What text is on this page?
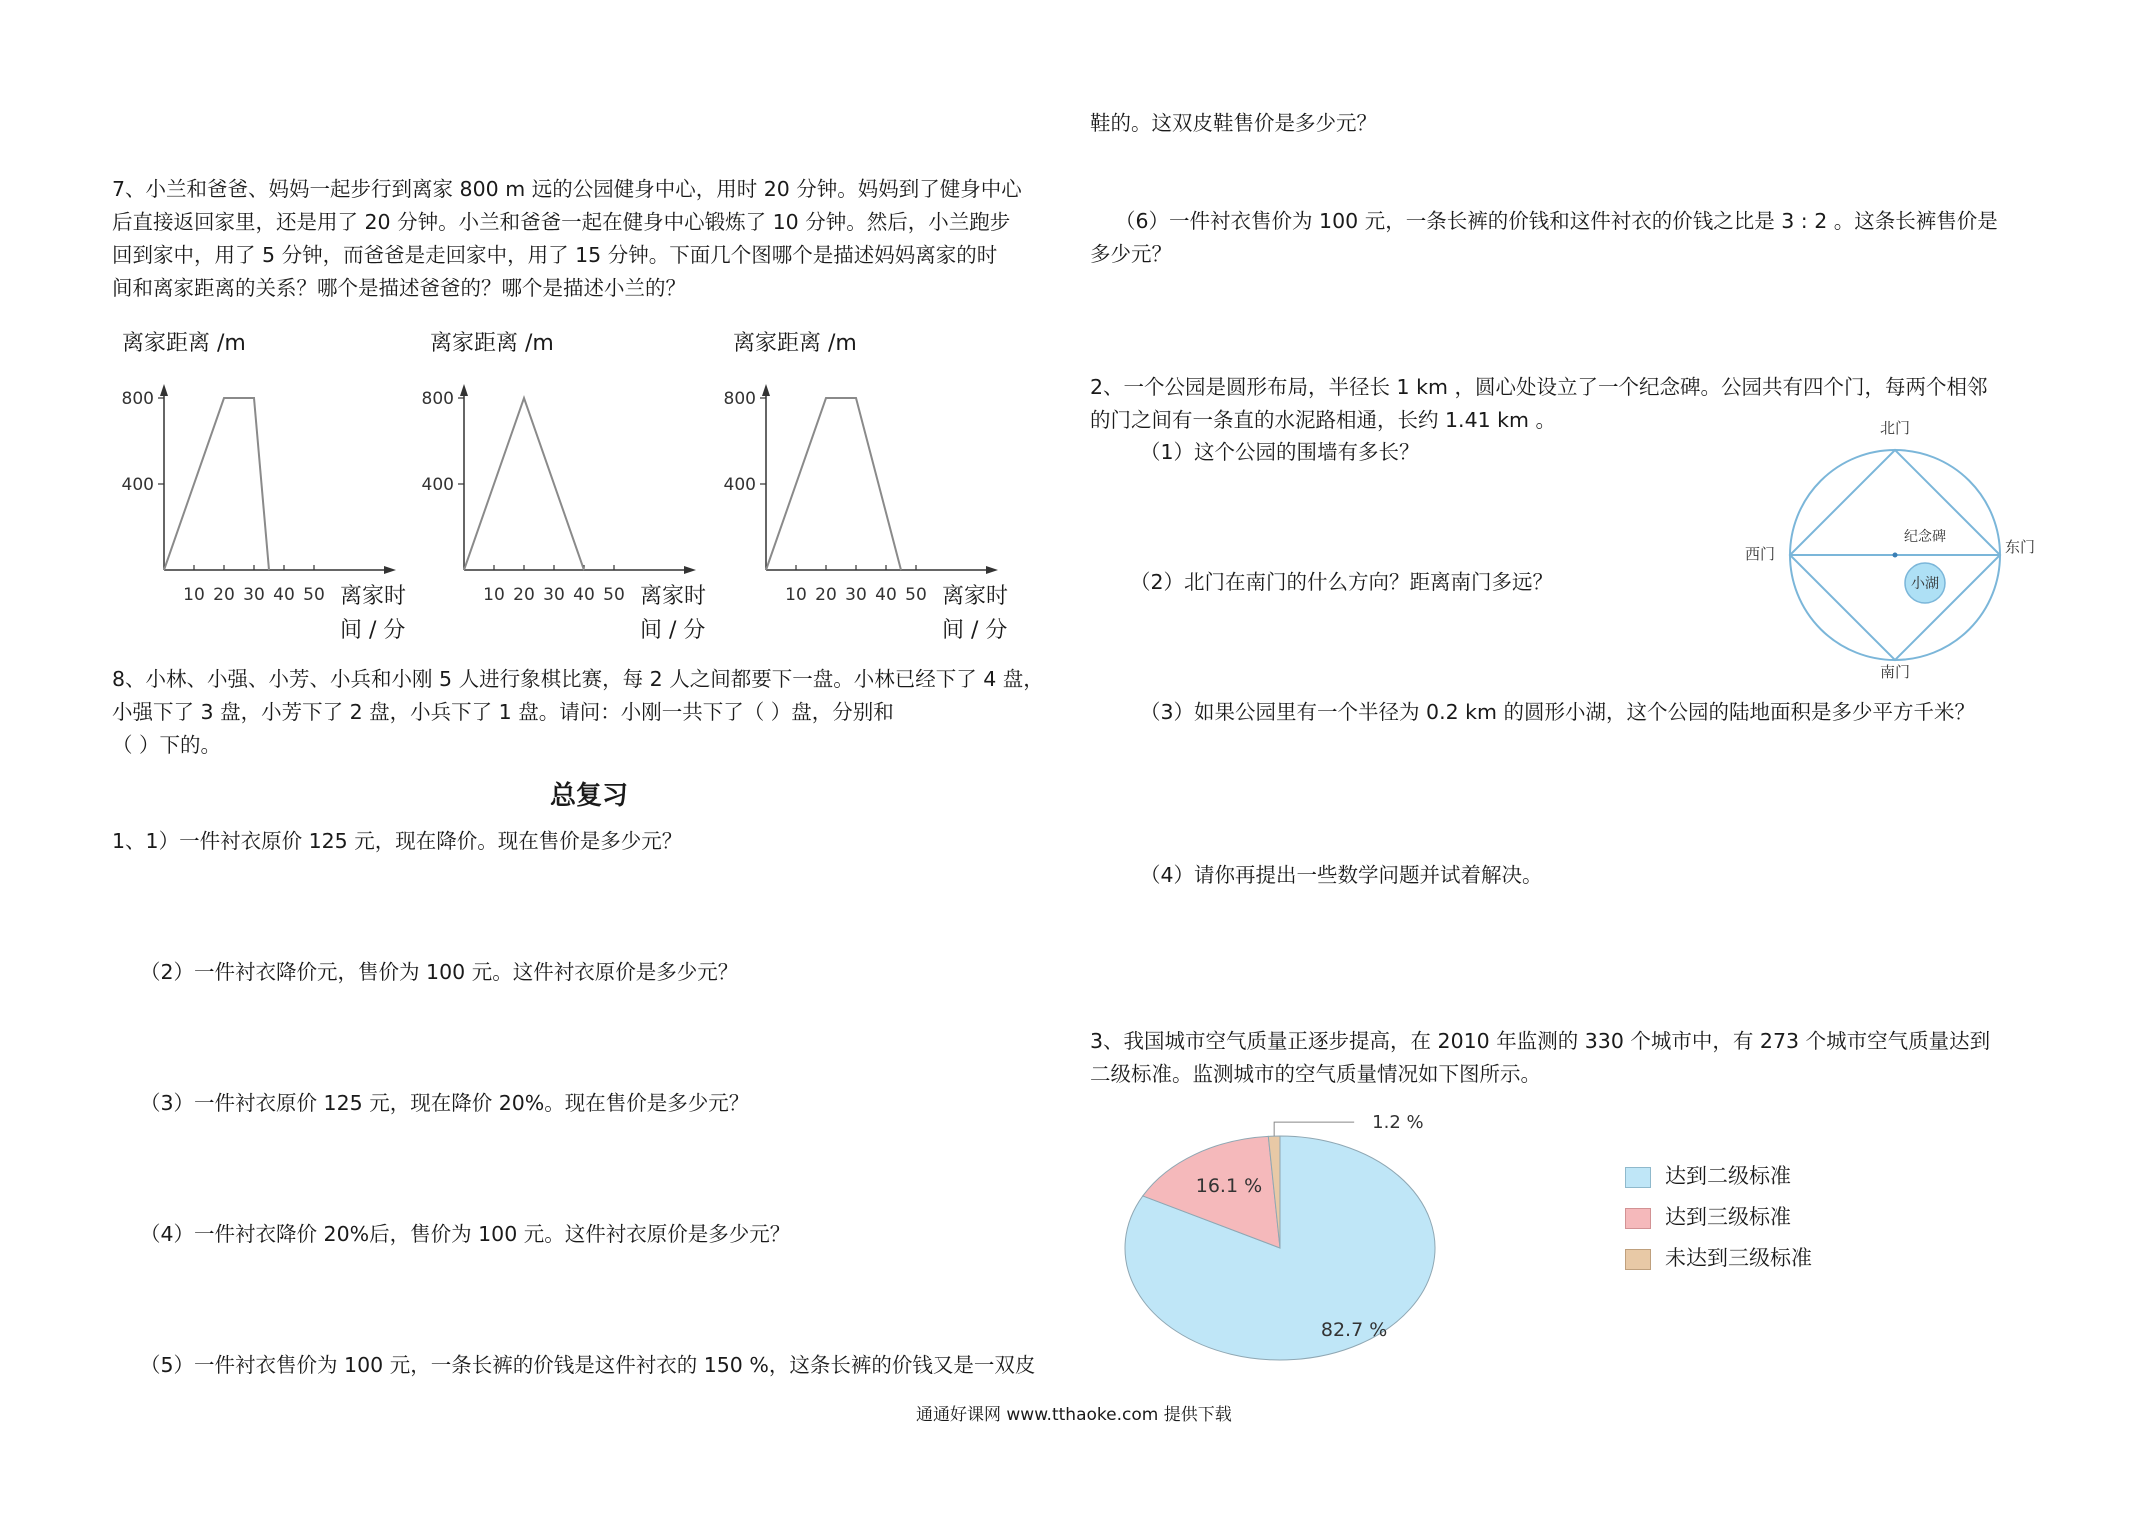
7、小兰和爸爸、妈妈一起步行到离家 800 m 远的公园健身中心，用时 20 分钟。妈妈到了健身中心

后直接返回家里，还是用了 20 分钟。小兰和爸爸一起在健身中心锻炼了 10 分钟。然后，小兰跑步

回到家中，用了 5 分钟，而爸爸是走回家中，用了 15 分钟。下面几个图哪个是描述妈妈离家的时

间和离家距离的关系？哪个是描述爸爸的？哪个是描述小兰的？

离家距离 /m
800
400
10 20 30 40 50 离家时
间 / 分
离家距离 /m
800
400
10 20 30 40 50 离家时
间 / 分
离家距离 /m
800
400
10 20 30 40 50 离家时
间 / 分

8、小林、小强、小芳、小兵和小刚 5 人进行象棋比赛，每 2 人之间都要下一盘。小林已经下了 4 盘，

小强下了 3 盘，小芳下了 2 盘，小兵下了 1 盘。请问：小刚一共下了（ ）盘，分别和

（ ）下的。

总复习

1、1）一件衬衣原价 125 元，现在降价。现在售价是多少元？

（2）一件衬衣降价元，售价为 100 元。这件衬衣原价是多少元？

（3）一件衬衣原价 125 元，现在降价 20%。现在售价是多少元？

（4）一件衬衣降价 20%后，售价为 100 元。这件衬衣原价是多少元？

（5）一件衬衣售价为 100 元，一条长裤的价钱是这件衬衣的 150 %，这条长裤的价钱又是一双皮

鞋的。这双皮鞋售价是多少元？

（6）一件衬衣售价为 100 元，一条长裤的价钱和这件衬衣的价钱之比是 3 : 2 。这条长裤售价是

多少元？

2、一个公园是圆形布局，半径长 1 km ，圆心处设立了一个纪念碑。公园共有四个门，每两个相邻

的门之间有一条直的水泥路相通，长约 1.41 km 。

（1）这个公园的围墙有多长？

（2）北门在南门的什么方向？距离南门多远？

（3）如果公园里有一个半径为 0.2 km 的圆形小湖，这个公园的陆地面积是多少平方千米？

（4）请你再提出一些数学问题并试着解决。

北门
南门
西门	东门
纪念碑
小湖

3、我国城市空气质量正逐步提高，在 2010 年监测的 330 个城市中，有 273 个城市空气质量达到

二级标准。监测城市的空气质量情况如下图所示。

82.7 %
16.1 %
1.2 %
达到二级标准
达到三级标准
未达到三级标准
通通好课网 www.tthaoke.com 提供下载
